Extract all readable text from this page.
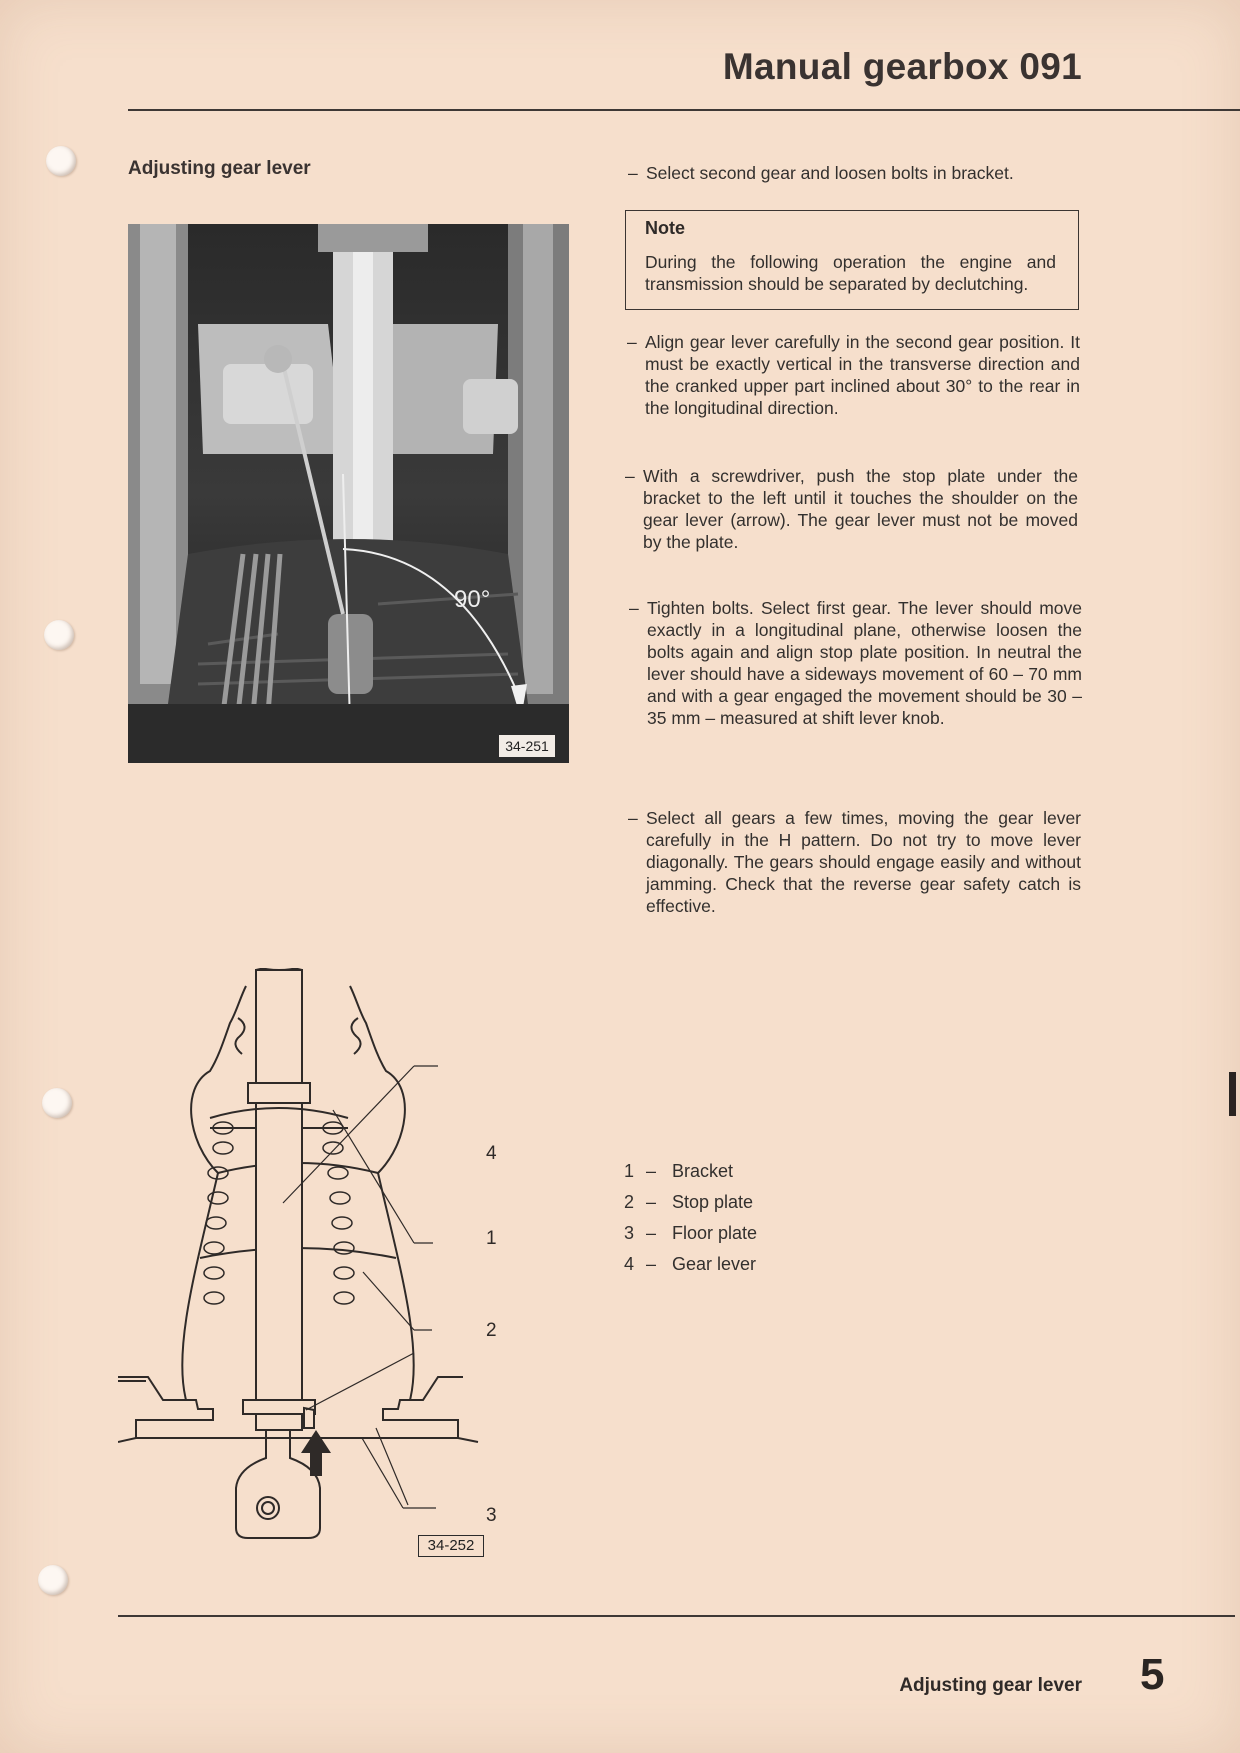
Manual gearbox 091
Adjusting gear lever
90°
34-251
– Select second gear and loosen bolts in bracket.
Note
During the following operation the engine and transmission should be separated by declutching.
– Align gear lever carefully in the second gear position. It must be exactly vertical in the transverse direction and the cranked upper part inclined about 30° to the rear in the longitudinal direction.
– With a screwdriver, push the stop plate under the bracket to the left until it touches the shoulder on the gear lever (arrow). The gear lever must not be moved by the plate.
– Tighten bolts. Select first gear. The lever should move exactly in a longitudinal plane, otherwise loosen the bolts again and align stop plate position. In neutral the lever should have a sideways movement of 60 – 70 mm and with a gear engaged the movement should be 30 – 35 mm – measured at shift lever knob.
– Select all gears a few times, moving the gear lever carefully in the H pattern. Do not try to move lever diagonally. The gears should engage easily and without jamming. Check that the reverse gear safety catch is effective.
4
1
2
3
34-252
1 – Bracket
2 – Stop plate
3 – Floor plate
4 – Gear lever
Adjusting gear lever 5
